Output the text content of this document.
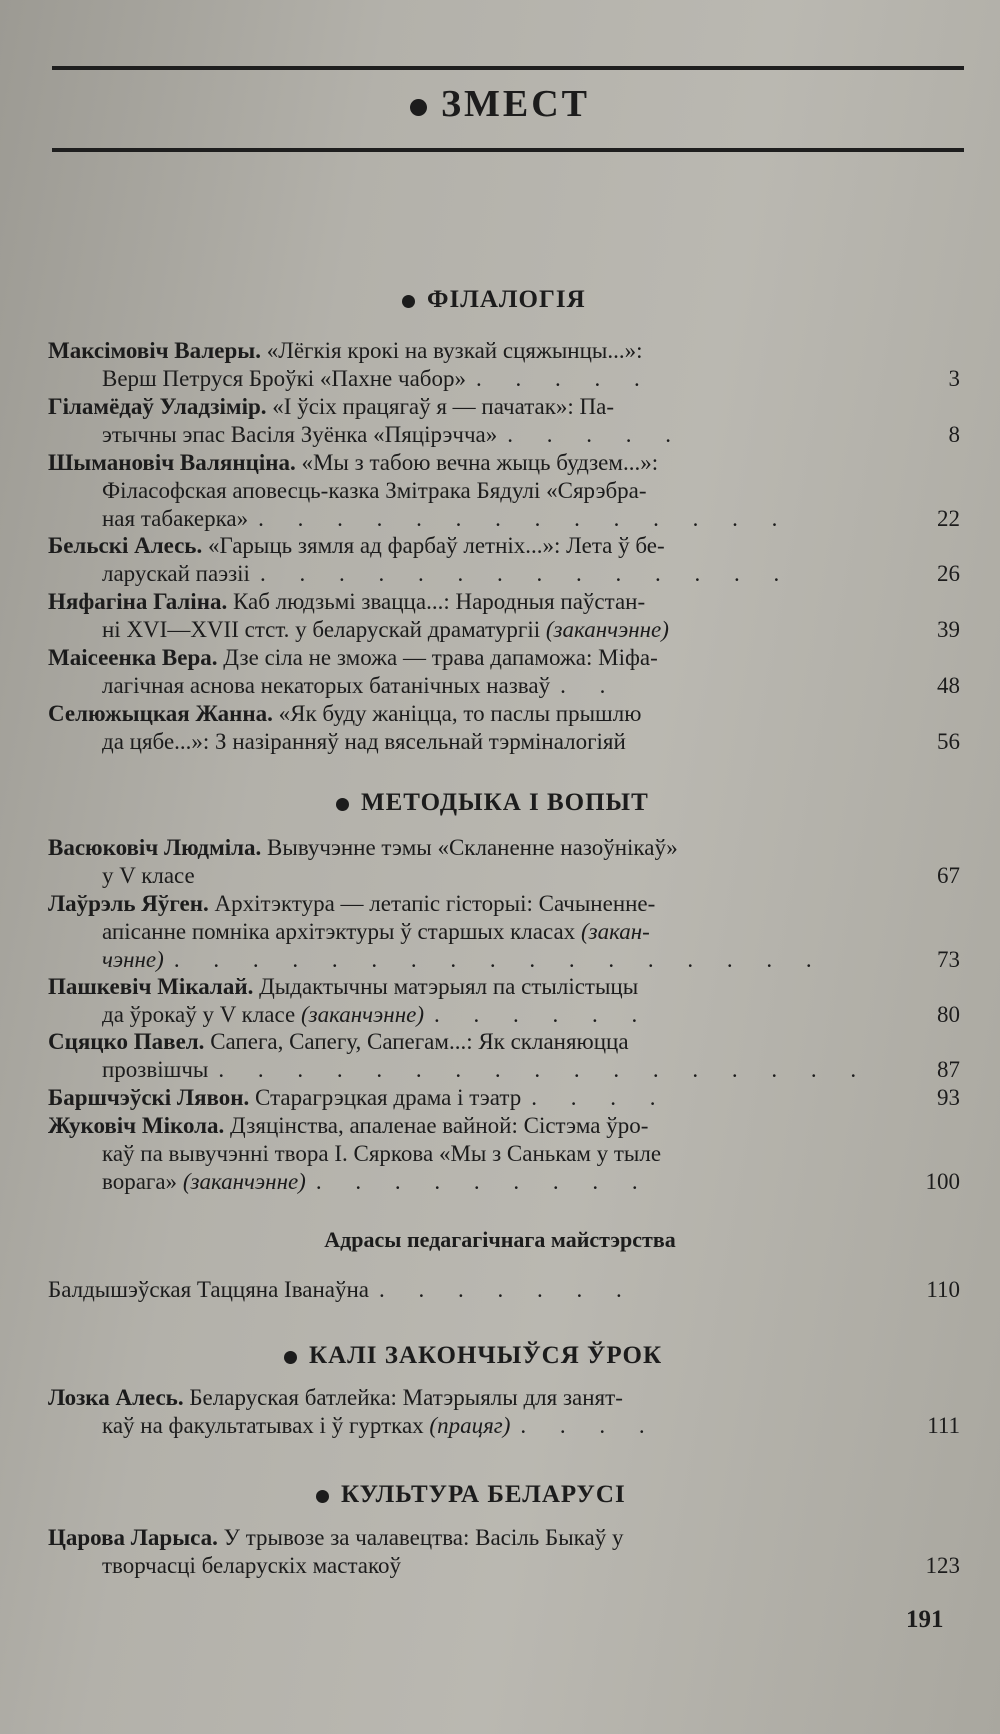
ЗМЕСТ
ФІЛАЛОГІЯ
Максімовіч Валеры. «Лёгкія крокі на вузкай сцяжынцы...»:
Верш Петруся Броўкі «Пахне чабор» . . . . .	3
Гіламёдаў Уладзімір. «І ўсіх працягаў я — пачатак»: Па-
этычны эпас Васіля Зуёнка «Пяцірэчча» . . . . .	8
Шымановіч Валянціна. «Мы з табою вечна жыць будзем...»:
Філасофская аповесць-казка Змітрака Бядулі «Сярэбра-
ная табакерка» . . . . . . . . . . . . . .	22
Бельскі Алесь. «Гарыць зямля ад фарбаў летніх...»: Лета ў бе-
ларускай паэзіі . . . . . . . . . . . . . .	26
Няфагіна Галіна. Каб людзьмі звацца...: Народныя паўстан-
ні XVI—XVII стст. у беларускай драматургіі (заканчэнне)	39
Маісеенка Вера. Дзе сіла не зможа — трава дапаможа: Міфа-
лагічная аснова некаторых батанічных назваў . .	48
Селюжыцкая Жанна. «Як буду жаніцца, то паслы прышлю
да цябе...»: З назіранняў над вясельнай тэрміналогіяй	56
МЕТОДЫКА І ВОПЫТ
Васюковіч Людміла. Вывучэнне тэмы «Скланенне назоўнікаў»
у V класе	67
Лаўрэль Яўген. Архітэктура — летапіс гісторыі: Сачыненне-
апісанне помніка архітэктуры ў старшых класах (закан-
чэнне) . . . . . . . . . . . . . . . . .	73
Пашкевіч Мікалай. Дыдактычны матэрыял па стылістыцы
да ўрокаў у V класе (заканчэнне) . . . . . .	80
Сцяцко Павел. Сапега, Сапегу, Сапегам...: Як скланяюцца
прозвішчы . . . . . . . . . . . . . . . . .	87
Баршчэўскі Лявон. Старагрэцкая драма і тэатр . . . .	93
Жуковіч Мікола. Дзяцінства, апаленае вайной: Сістэма ўро-
каў па вывучэнні твора І. Сяркова «Мы з Санькам у тыле
ворага» (заканчэнне) . . . . . . . . .	100
Адрасы педагагічнага майстэрства
Балдышэўская Таццяна Іванаўна . . . . . . .	110
КАЛІ ЗАКОНЧЫЎСЯ ЎРОК
Лозка Алесь. Беларуская батлейка: Матэрыялы для занят-
каў на факультатывах і ў гуртках (працяг) . . . .	111
КУЛЬТУРА БЕЛАРУСІ
Царова Ларыса. У трывозе за чалавецтва: Васіль Быкаў у
творчасці беларускіх мастакоў	123
191
